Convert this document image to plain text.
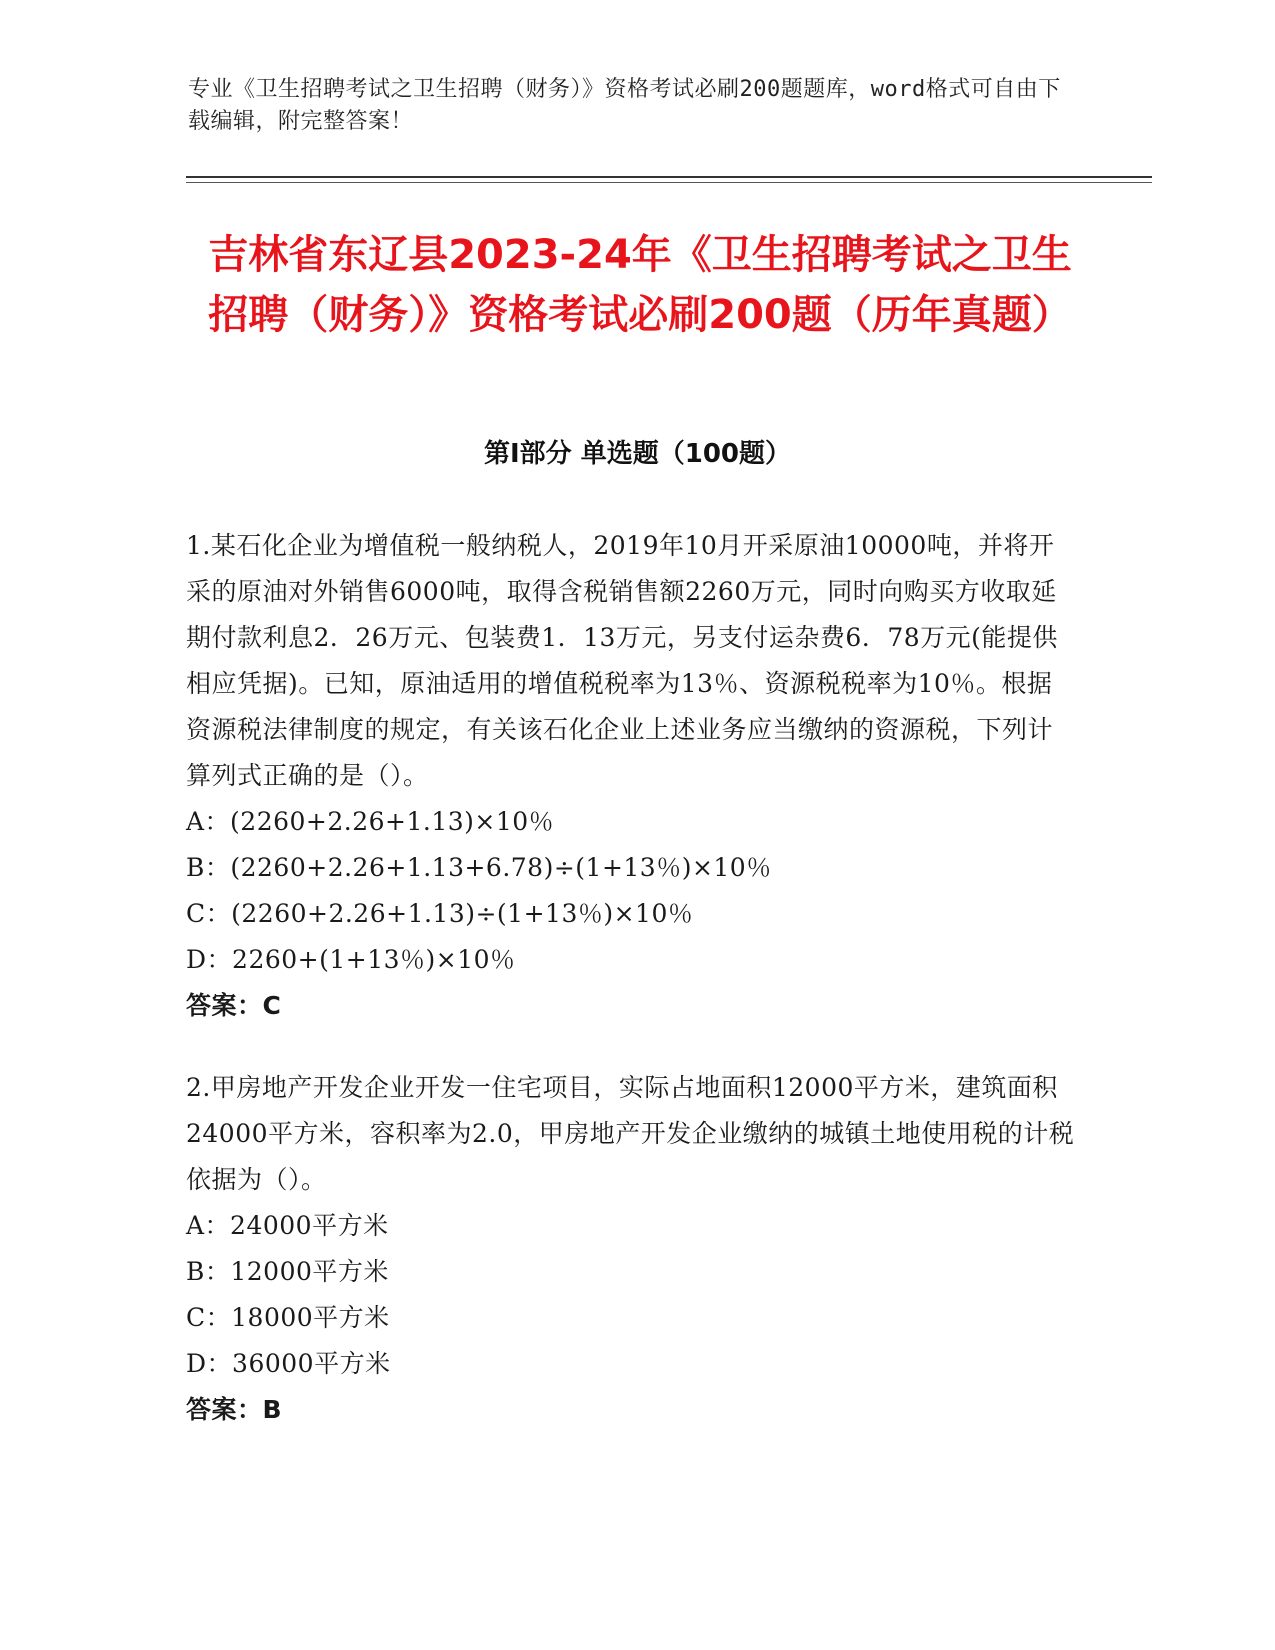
专业《卫生招聘考试之卫生招聘（财务）》资格考试必刷200题题库，word格式可自由下载编辑，附完整答案！
吉林省东辽县2023-24年《卫生招聘考试之卫生招聘（财务）》资格考试必刷200题（历年真题）
第I部分 单选题（100题）

1.某石化企业为增值税一般纳税人，2019年10月开采原油10000吨，并将开采的原油对外销售6000吨，取得含税销售额2260万元，同时向购买方收取延期付款利息2．26万元、包装费1．13万元，另支付运杂费6．78万元(能提供相应凭据)。已知，原油适用的增值税税率为13％、资源税税率为10％。根据资源税法律制度的规定，有关该石化企业上述业务应当缴纳的资源税，下列计算列式正确的是（）。

A：(2260+2.26+1.13)×10％

B：(2260+2.26+1.13+6.78)÷(1+13％)×10％

C：(2260+2.26+1.13)÷(1+13％)×10％

D：2260+(1+13％)×10％

答案：C

2.甲房地产开发企业开发一住宅项目，实际占地面积12000平方米，建筑面积24000平方米，容积率为2.0，甲房地产开发企业缴纳的城镇土地使用税的计税依据为（）。

A：24000平方米

B：12000平方米

C：18000平方米

D：36000平方米

答案：B
